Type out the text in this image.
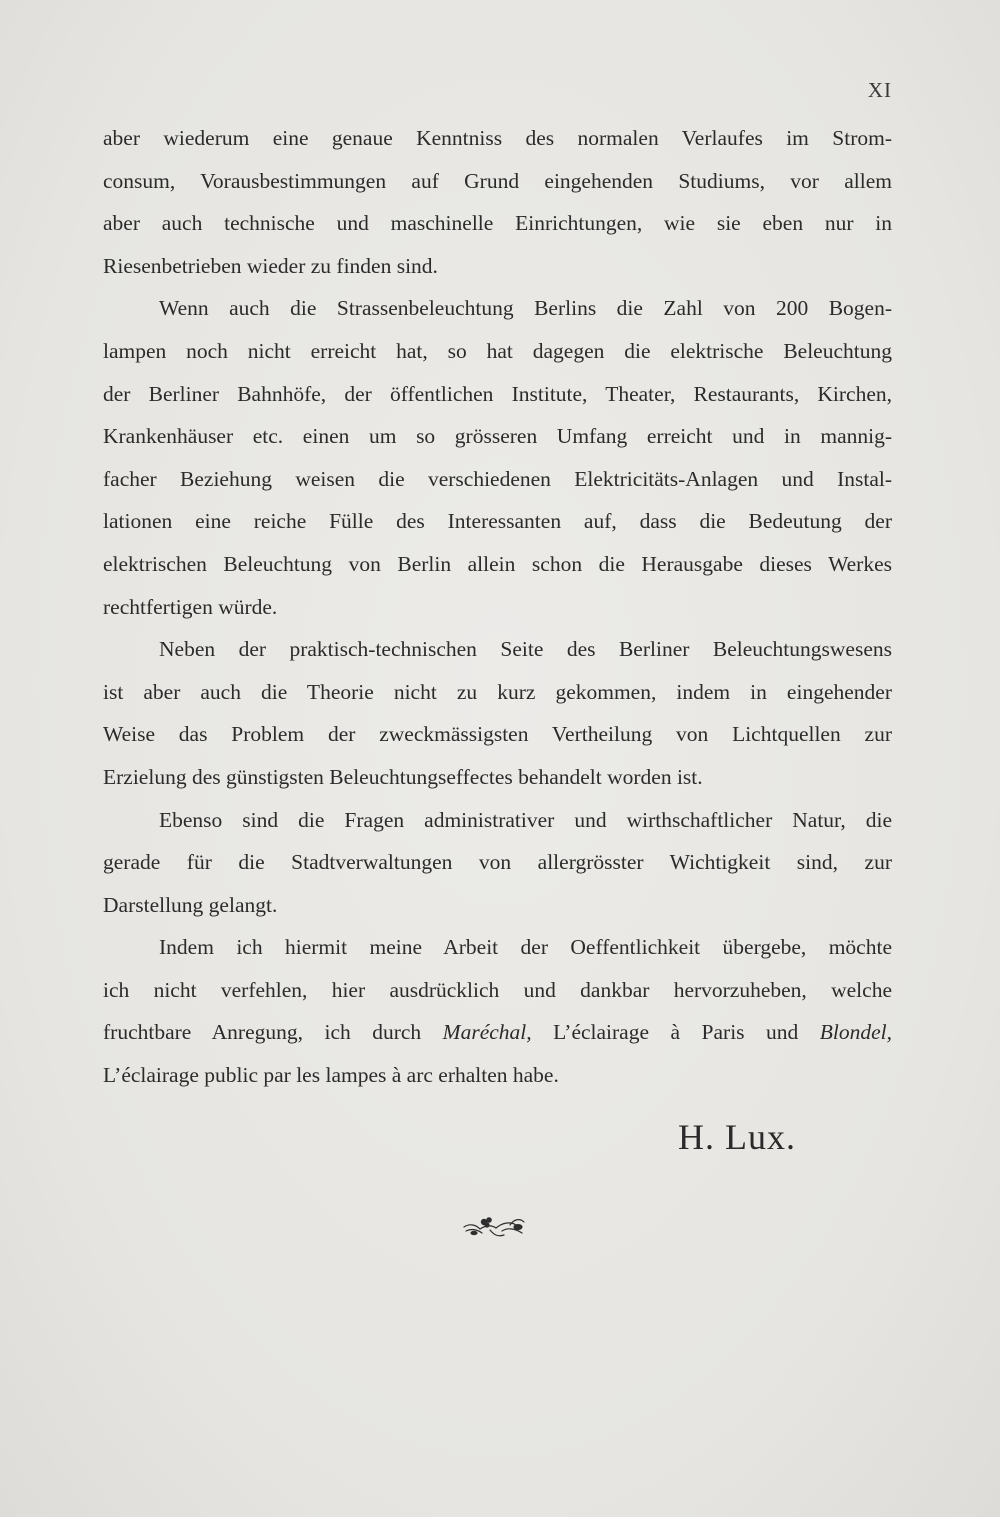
XI
aber wiederum eine genaue Kenntniss des normalen Verlaufes im Strom-
consum, Vorausbestimmungen auf Grund eingehenden Studiums, vor allem
aber auch technische und maschinelle Einrichtungen, wie sie eben nur in
Riesenbetrieben wieder zu finden sind.
Wenn auch die Strassenbeleuchtung Berlins die Zahl von 200 Bogen-
lampen noch nicht erreicht hat, so hat dagegen die elektrische Beleuchtung
der Berliner Bahnhöfe, der öffentlichen Institute, Theater, Restaurants, Kirchen,
Krankenhäuser etc. einen um so grösseren Umfang erreicht und in mannig-
facher Beziehung weisen die verschiedenen Elektricitäts-Anlagen und Instal-
lationen eine reiche Fülle des Interessanten auf, dass die Bedeutung der
elektrischen Beleuchtung von Berlin allein schon die Herausgabe dieses Werkes
rechtfertigen würde.
Neben der praktisch-technischen Seite des Berliner Beleuchtungswesens
ist aber auch die Theorie nicht zu kurz gekommen, indem in eingehender
Weise das Problem der zweckmässigsten Vertheilung von Lichtquellen zur
Erzielung des günstigsten Beleuchtungseffectes behandelt worden ist.
Ebenso sind die Fragen administrativer und wirthschaftlicher Natur, die
gerade für die Stadtverwaltungen von allergrösster Wichtigkeit sind, zur
Darstellung gelangt.
Indem ich hiermit meine Arbeit der Oeffentlichkeit übergebe, möchte
ich nicht verfehlen, hier ausdrücklich und dankbar hervorzuheben, welche
fruchtbare Anregung, ich durch Maréchal, L’éclairage à Paris und Blondel,
L’éclairage public par les lampes à arc erhalten habe.
H. Lux.
